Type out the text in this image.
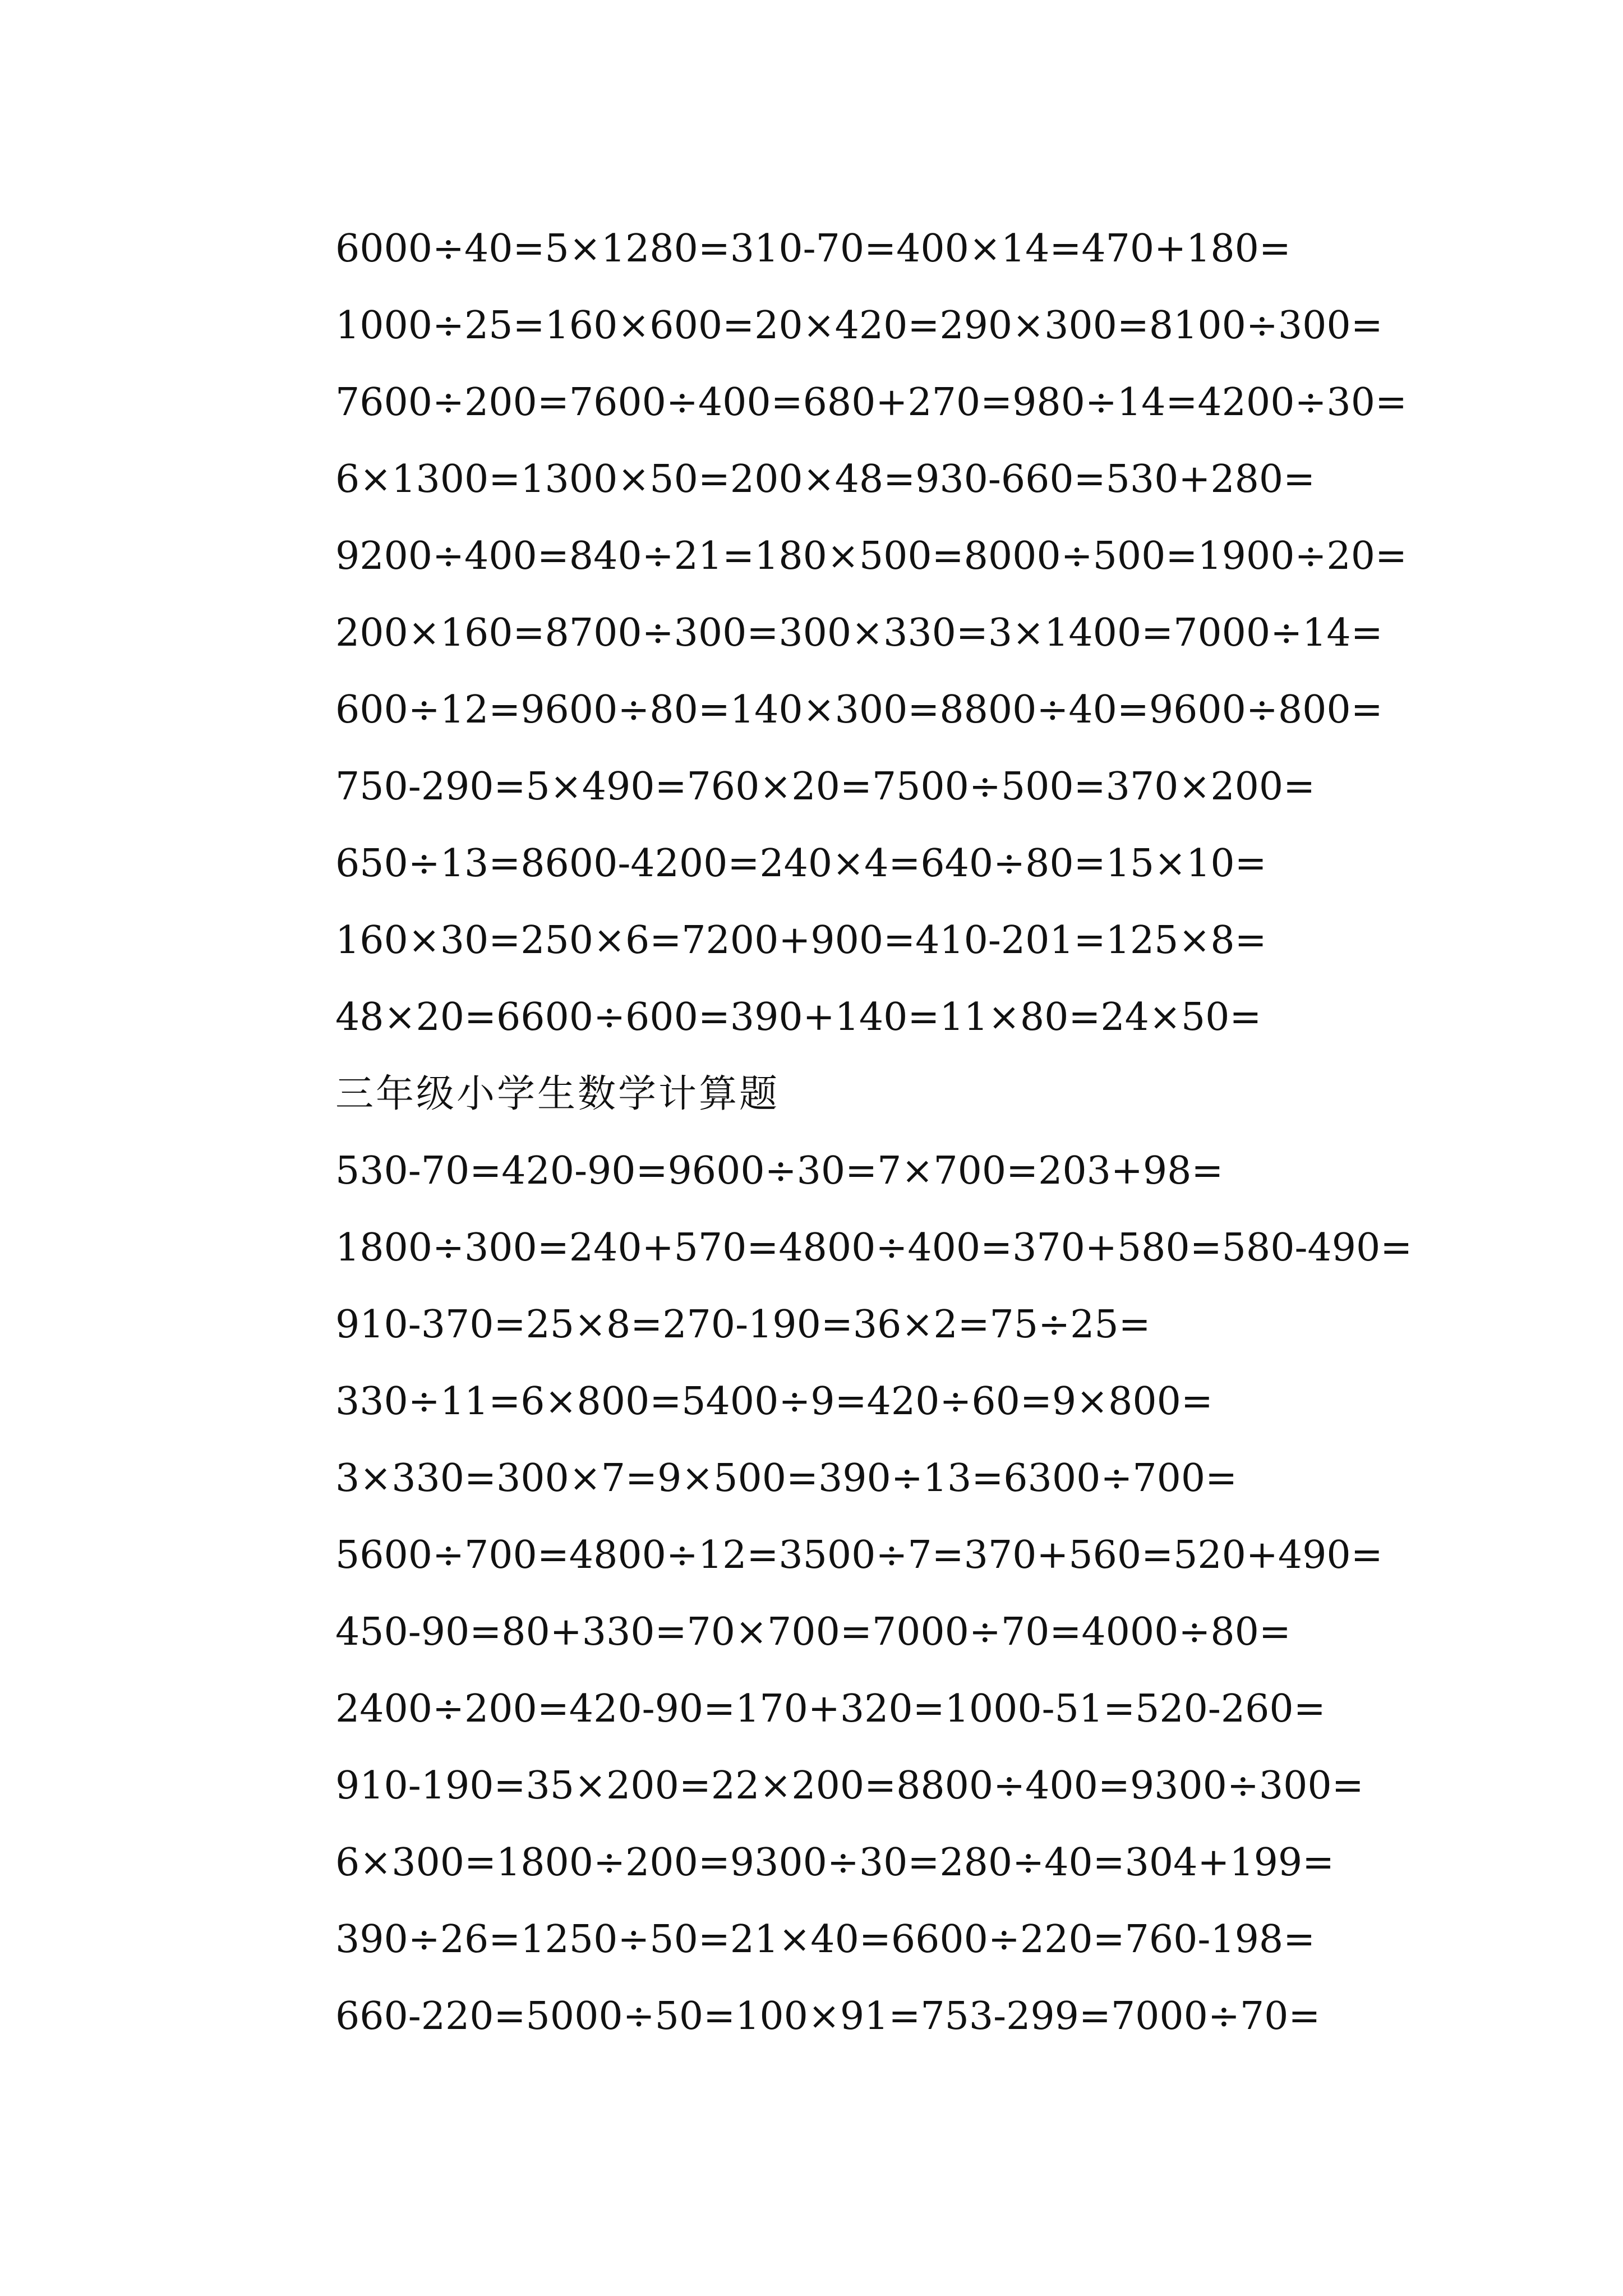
6000÷40=5×1280=310-70=400×14=470+180=
1000÷25=160×600=20×420=290×300=8100÷300=
7600÷200=7600÷400=680+270=980÷14=4200÷30=
6×1300=1300×50=200×48=930-660=530+280=
9200÷400=840÷21=180×500=8000÷500=1900÷20=
200×160=8700÷300=300×330=3×1400=7000÷14=
600÷12=9600÷80=140×300=8800÷40=9600÷800=
750-290=5×490=760×20=7500÷500=370×200=
650÷13=8600-4200=240×4=640÷80=15×10=
160×30=250×6=7200+900=410-201=125×8=
48×20=6600÷600=390+140=11×80=24×50=
三年级小学生数学计算题
530-70=420-90=9600÷30=7×700=203+98=
1800÷300=240+570=4800÷400=370+580=580-490=
910-370=25×8=270-190=36×2=75÷25=
330÷11=6×800=5400÷9=420÷60=9×800=
3×330=300×7=9×500=390÷13=6300÷700=
5600÷700=4800÷12=3500÷7=370+560=520+490=
450-90=80+330=70×700=7000÷70=4000÷80=
2400÷200=420-90=170+320=1000-51=520-260=
910-190=35×200=22×200=8800÷400=9300÷300=
6×300=1800÷200=9300÷30=280÷40=304+199=
390÷26=1250÷50=21×40=6600÷220=760-198=
660-220=5000÷50=100×91=753-299=7000÷70=
